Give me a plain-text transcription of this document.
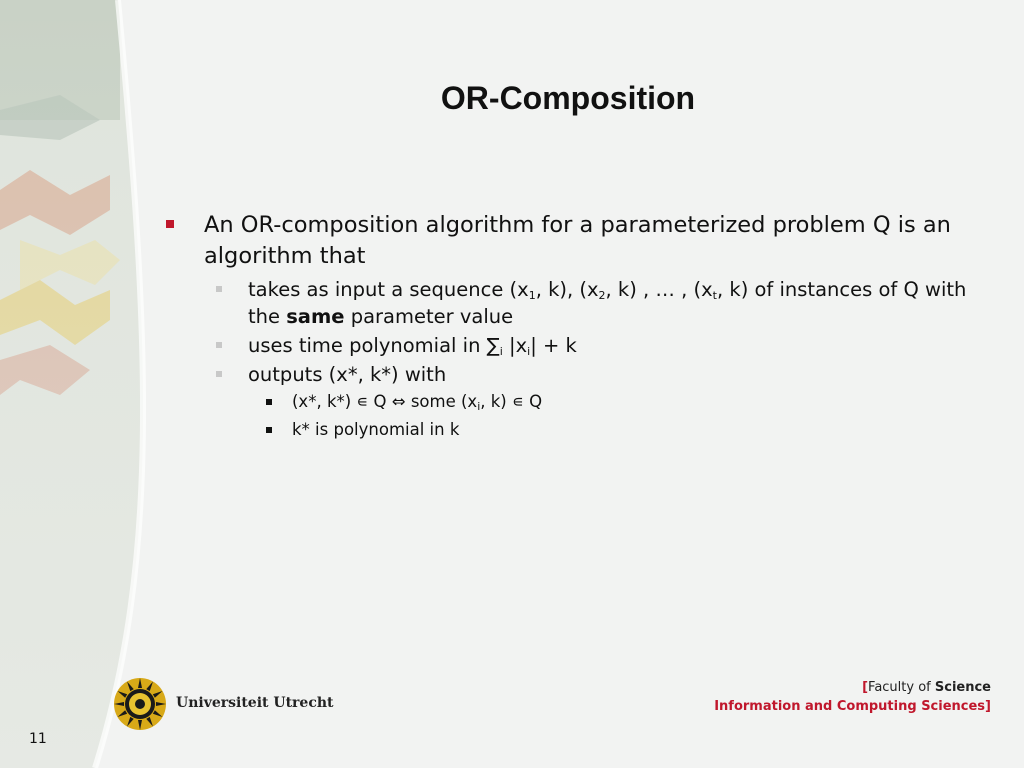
OR-Composition
An OR-composition algorithm for a parameterized problem Q is an algorithm that
takes as input a sequence ($x_1$, k), ($x_2$, k) , … , ($x_t$, k) of instances of Q with the same parameter value
uses time polynomial in $\sum_i$ $|x_i| + k$
outputs (x*, k*) with
(x*, k*) ∊ Q ⇔ some ($x_i$, k) ∊ Q
k* is polynomial in k
Universiteit Utrecht
[Faculty of Science
Information and Computing Sciences]
11
